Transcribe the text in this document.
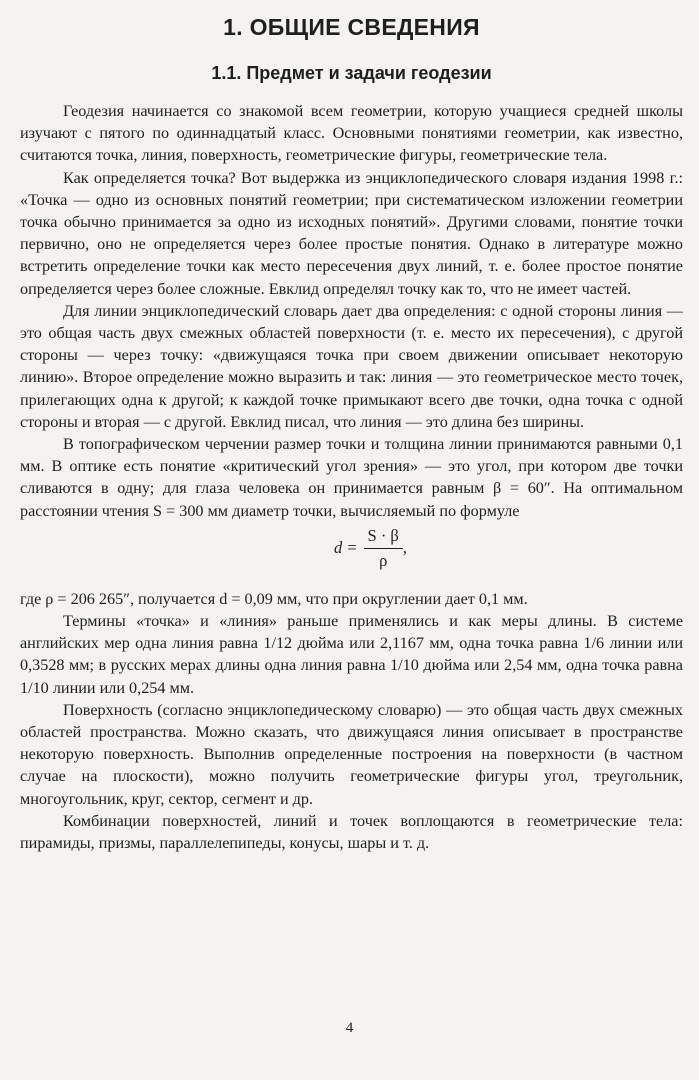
1. ОБЩИЕ СВЕДЕНИЯ
1.1. Предмет и задачи геодезии

Геодезия начинается со знакомой всем геометрии, которую учащиеся средней школы изучают с пятого по одиннадцатый класс. Основными понятиями геометрии, как известно, считаются точка, линия, поверхность, геометрические фигуры, геометрические тела.

Как определяется точка? Вот выдержка из энциклопедического словаря издания 1998 г.: «Точка — одно из основных понятий геометрии; при систематическом изложении геометрии точка обычно принимается за одно из исходных понятий». Другими словами, понятие точки первично, оно не определяется через более простые понятия. Однако в литературе можно встретить определение точки как место пересечения двух линий, т. е. более простое понятие определяется через более сложные. Евклид определял точку как то, что не имеет частей.

Для линии энциклопедический словарь дает два определения: с одной стороны линия — это общая часть двух смежных областей поверхности (т. е. место их пересечения), с другой стороны — через точку: «движущаяся точка при своем движении описывает некоторую линию». Второе определение можно выразить и так: линия — это геометрическое место точек, прилегающих одна к другой; к каждой точке примыкают всего две точки, одна точка с одной стороны и вторая — с другой. Евклид писал, что линия — это длина без ширины.

В топографическом черчении размер точки и толщина линии принимаются равными 0,1 мм. В оптике есть понятие «критический угол зрения» — это угол, при котором две точки сливаются в одну; для глаза человека он принимается равным β = 60″. На оптимальном расстоянии чтения S = 300 мм диаметр точки, вычисляемый по формуле

$d = \frac{S \cdot \beta}{\rho}$ ,

где ρ = 206 265″, получается d = 0,09 мм, что при округлении дает 0,1 мм.

Термины «точка» и «линия» раньше применялись и как меры длины. В системе английских мер одна линия равна 1/12 дюйма или 2,1167 мм, одна точка равна 1/6 линии или 0,3528 мм; в русских мерах длины одна линия равна 1/10 дюйма или 2,54 мм, одна точка равна 1/10 линии или 0,254 мм.

Поверхность (согласно энциклопедическому словарю) — это общая часть двух смежных областей пространства. Можно сказать, что движущаяся линия описывает в пространстве некоторую поверхность. Выполнив определенные построения на поверхности (в частном случае на плоскости), можно получить геометрические фигуры угол, треугольник, многоугольник, круг, сектор, сегмент и др.

Комбинации поверхностей, линий и точек воплощаются в геометрические тела: пирамиды, призмы, параллелепипеды, конусы, шары и т. д.

4
